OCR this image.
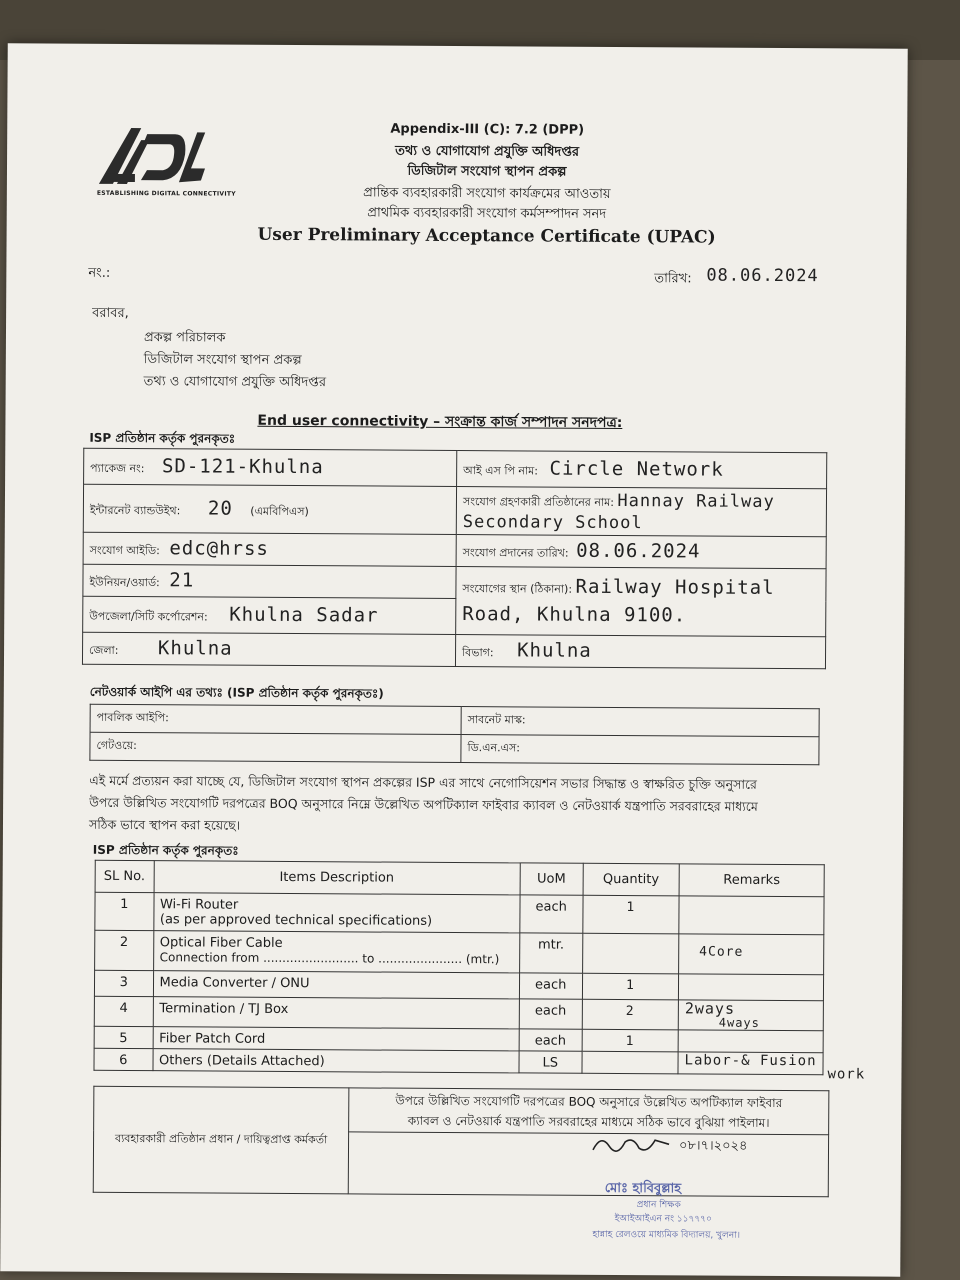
ESTABLISHING DIGITAL CONNECTIVITY
Appendix-III (C): 7.2 (DPP)
তথ্য ও যোগাযোগ প্রযুক্তি অধিদপ্তর
ডিজিটাল সংযোগ স্থাপন প্রকল্প
প্রান্তিক ব্যবহারকারী সংযোগ কার্যক্রমের আওতায়
প্রাথমিক ব্যবহারকারী সংযোগ কর্মসম্পাদন সনদ
User Preliminary Acceptance Certificate (UPAC)
নং.:	তারিখ: 08.06.2024
বরাবর,
প্রকল্প পরিচালক
ডিজিটাল সংযোগ স্থাপন প্রকল্প
তথ্য ও যোগাযোগ প্রযুক্তি অধিদপ্তর
End user connectivity – সংক্রান্ত কার্জ সম্পাদন সনদপত্র:
ISP প্রতিষ্ঠান কর্তৃক পুরনকৃতঃ
প্যাকেজ নং: SD-121-Khulna	আই এস পি নাম: Circle Network
ইন্টারনেট ব্যান্ডউইথ: 20 (এমবিপিএস)	সংযোগ গ্রহণকারী প্রতিষ্ঠানের নাম: Hannay Railway
Secondary School
সংযোগ আইডি: edc@hrss	সংযোগ প্রদানের তারিখ: 08.06.2024
ইউনিয়ন/ওয়ার্ড: 21	সংযোগের স্থান (ঠিকানা): Railway Hospital
Road, Khulna 9100.
উপজেলা/সিটি কর্পোরেশন: Khulna Sadar	
জেলা: Khulna	বিভাগ: Khulna
নেটওয়ার্ক আইপি এর তথ্যঃ (ISP প্রতিষ্ঠান কর্তৃক পুরনকৃতঃ)
পাবলিক আইপি:	সাবনেট মাস্ক:
গেটওয়ে:	ডি.এন.এস:
এই মর্মে প্রত্যয়ন করা যাচ্ছে যে, ডিজিটাল সংযোগ স্থাপন প্রকল্পের ISP এর সাথে নেগোসিয়েশন সভার সিদ্ধান্ত ও স্বাক্ষরিত চুক্তি অনুসারে
উপরে উল্লিখিত সংযোগটি দরপত্রের BOQ অনুসারে নিম্নে উল্লেখিত অপটিক্যাল ফাইবার ক্যাবল ও নেটওয়ার্ক যন্ত্রপাতি সরবরাহের মাধ্যমে
সঠিক ভাবে স্থাপন করা হয়েছে।
ISP প্রতিষ্ঠান কর্তৃক পুরনকৃতঃ
SL No.	Items Description	UoM	Quantity	Remarks
1	Wi-Fi Router
(as per approved technical specifications)	each	1	
2	Optical Fiber Cable
Connection from ......................... to ...................... (mtr.)	mtr.		4Core
3	Media Converter / ONU	each	1	
4	Termination / TJ Box	each	2	2ways
4ways
5	Fiber Patch Cord	each	1	
6	Others (Details Attached)	LS		Labor-& Fusion
work
ব্যবহারকারী প্রতিষ্ঠান প্রধান / দায়িত্বপ্রাপ্ত কর্মকর্তা	
উপরে উল্লিখিত সংযোগটি দরপত্রের BOQ অনুসারে উল্লেখিত অপটিক্যাল ফাইবার
ক্যাবল ও নেটওয়ার্ক যন্ত্রপাতি সরবরাহের মাধ্যমে সঠিক ভাবে বুঝিয়া পাইলাম।

০৮।৭।২০২৪
মোঃ হাবিবুল্লাহ
প্রধান শিক্ষক
ইআইআইএন নং ১১৭৭৭০
হান্নাহ রেলওয়ে মাধ্যমিক বিদ্যালয়, খুলনা।
